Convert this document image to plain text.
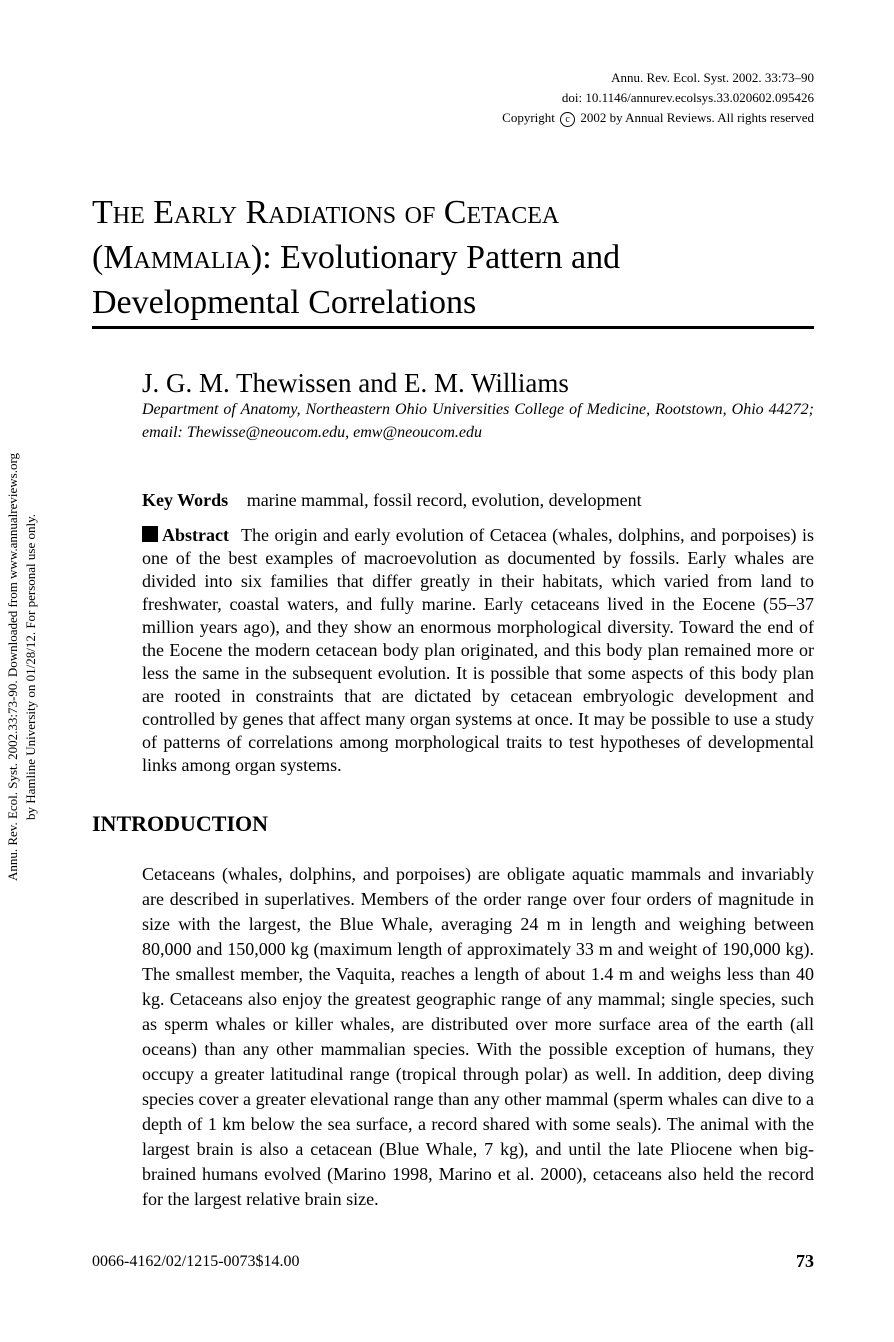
Annu. Rev. Ecol. Syst. 2002. 33:73–90
doi: 10.1146/annurev.ecolsys.33.020602.095426
Copyright c 2002 by Annual Reviews. All rights reserved
Annu. Rev. Ecol. Syst. 2002.33:73-90. Downloaded from www.annualreviews.org by Hamline University on 01/28/12. For personal use only.
The Early Radiations of Cetacea
(Mammalia): Evolutionary Pattern and
Developmental Correlations
J. G. M. Thewissen and E. M. Williams
Department of Anatomy, Northeastern Ohio Universities College of Medicine, Rootstown, Ohio 44272; email: Thewisse@neoucom.edu, emw@neoucom.edu
Key Words marine mammal, fossil record, evolution, development
Abstract The origin and early evolution of Cetacea (whales, dolphins, and porpoises) is one of the best examples of macroevolution as documented by fossils. Early whales are divided into six families that differ greatly in their habitats, which varied from land to freshwater, coastal waters, and fully marine. Early cetaceans lived in the Eocene (55–37 million years ago), and they show an enormous morphological diversity. Toward the end of the Eocene the modern cetacean body plan originated, and this body plan remained more or less the same in the subsequent evolution. It is possible that some aspects of this body plan are rooted in constraints that are dictated by cetacean embryologic development and controlled by genes that affect many organ systems at once. It may be possible to use a study of patterns of correlations among morphological traits to test hypotheses of developmental links among organ systems.
INTRODUCTION

Cetaceans (whales, dolphins, and porpoises) are obligate aquatic mammals and invariably are described in superlatives. Members of the order range over four orders of magnitude in size with the largest, the Blue Whale, averaging 24 m in length and weighing between 80,000 and 150,000 kg (maximum length of approximately 33 m and weight of 190,000 kg). The smallest member, the Vaquita, reaches a length of about 1.4 m and weighs less than 40 kg. Cetaceans also enjoy the greatest geographic range of any mammal; single species, such as sperm whales or killer whales, are distributed over more surface area of the earth (all oceans) than any other mammalian species. With the possible exception of humans, they occupy a greater latitudinal range (tropical through polar) as well. In addition, deep diving species cover a greater elevational range than any other mammal (sperm whales can dive to a depth of 1 km below the sea surface, a record shared with some seals). The animal with the largest brain is also a cetacean (Blue Whale, 7 kg), and until the late Pliocene when big-brained humans evolved (Marino 1998, Marino et al. 2000), cetaceans also held the record for the largest relative brain size.

0066-4162/02/1215-0073$14.00	73
